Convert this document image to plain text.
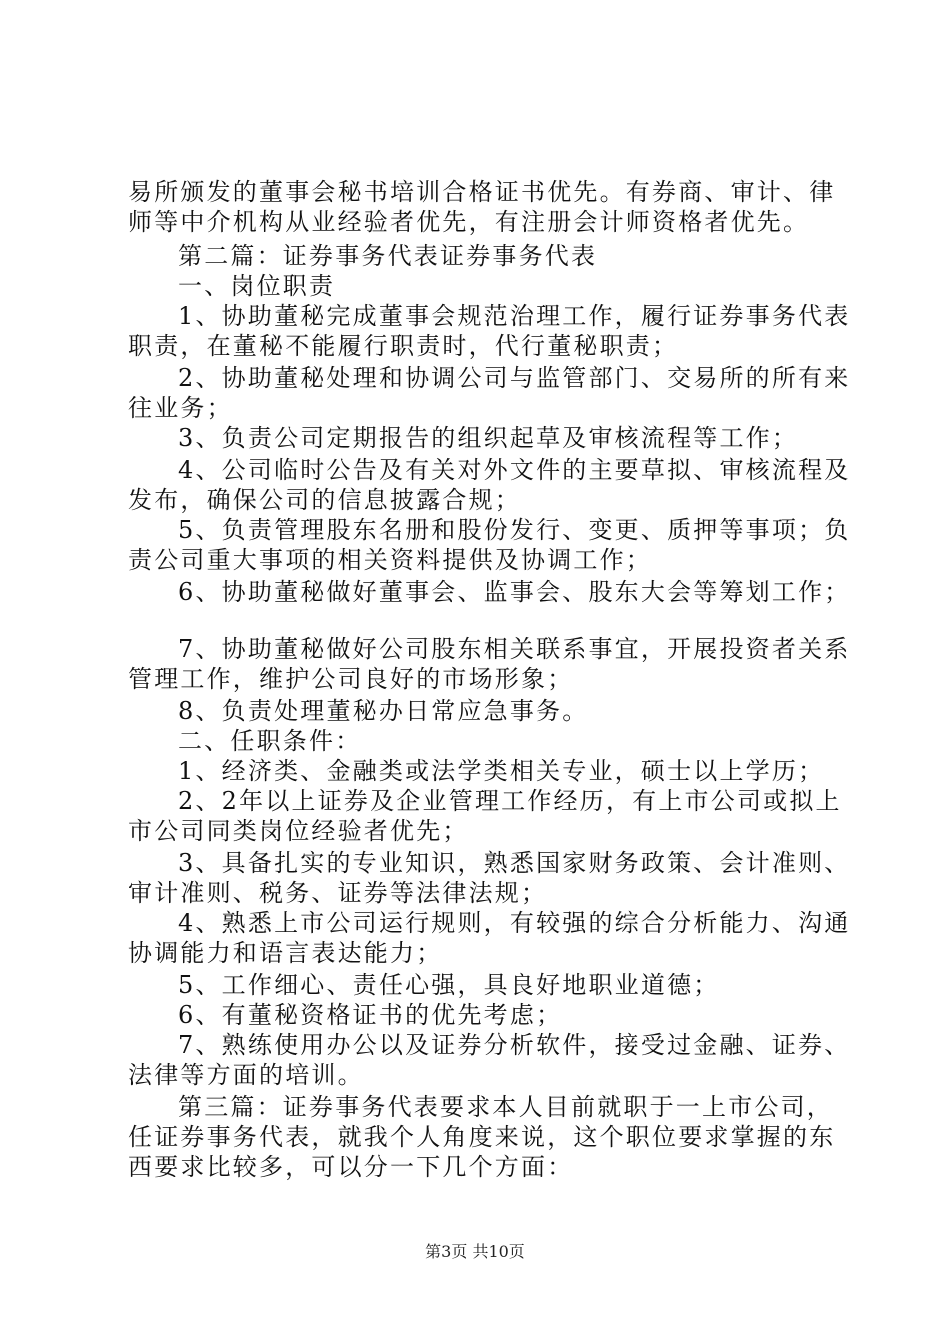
易所颁发的董事会秘书培训合格证书优先。有券商、审计、律
师等中介机构从业经验者优先，有注册会计师资格者优先。
第二篇：证券事务代表证券事务代表
一、岗位职责
1、协助董秘完成董事会规范治理工作，履行证券事务代表
职责，在董秘不能履行职责时，代行董秘职责；
2、协助董秘处理和协调公司与监管部门、交易所的所有来
往业务；
3、负责公司定期报告的组织起草及审核流程等工作；
4、公司临时公告及有关对外文件的主要草拟、审核流程及
发布，确保公司的信息披露合规；
5、负责管理股东名册和股份发行、变更、质押等事项；负
责公司重大事项的相关资料提供及协调工作；
6、协助董秘做好董事会、监事会、股东大会等筹划工作；
7、协助董秘做好公司股东相关联系事宜，开展投资者关系
管理工作，维护公司良好的市场形象；
8、负责处理董秘办日常应急事务。
二、任职条件：
1、经济类、金融类或法学类相关专业，硕士以上学历；
2、2年以上证券及企业管理工作经历，有上市公司或拟上
市公司同类岗位经验者优先；
3、具备扎实的专业知识，熟悉国家财务政策、会计准则、
审计准则、税务、证券等法律法规；
4、熟悉上市公司运行规则，有较强的综合分析能力、沟通
协调能力和语言表达能力；
5、工作细心、责任心强，具良好地职业道德；
6、有董秘资格证书的优先考虑；
7、熟练使用办公以及证券分析软件，接受过金融、证券、
法律等方面的培训。
第三篇：证券事务代表要求本人目前就职于一上市公司，
任证券事务代表，就我个人角度来说，这个职位要求掌握的东
西要求比较多，可以分一下几个方面：
第3页 共10页
